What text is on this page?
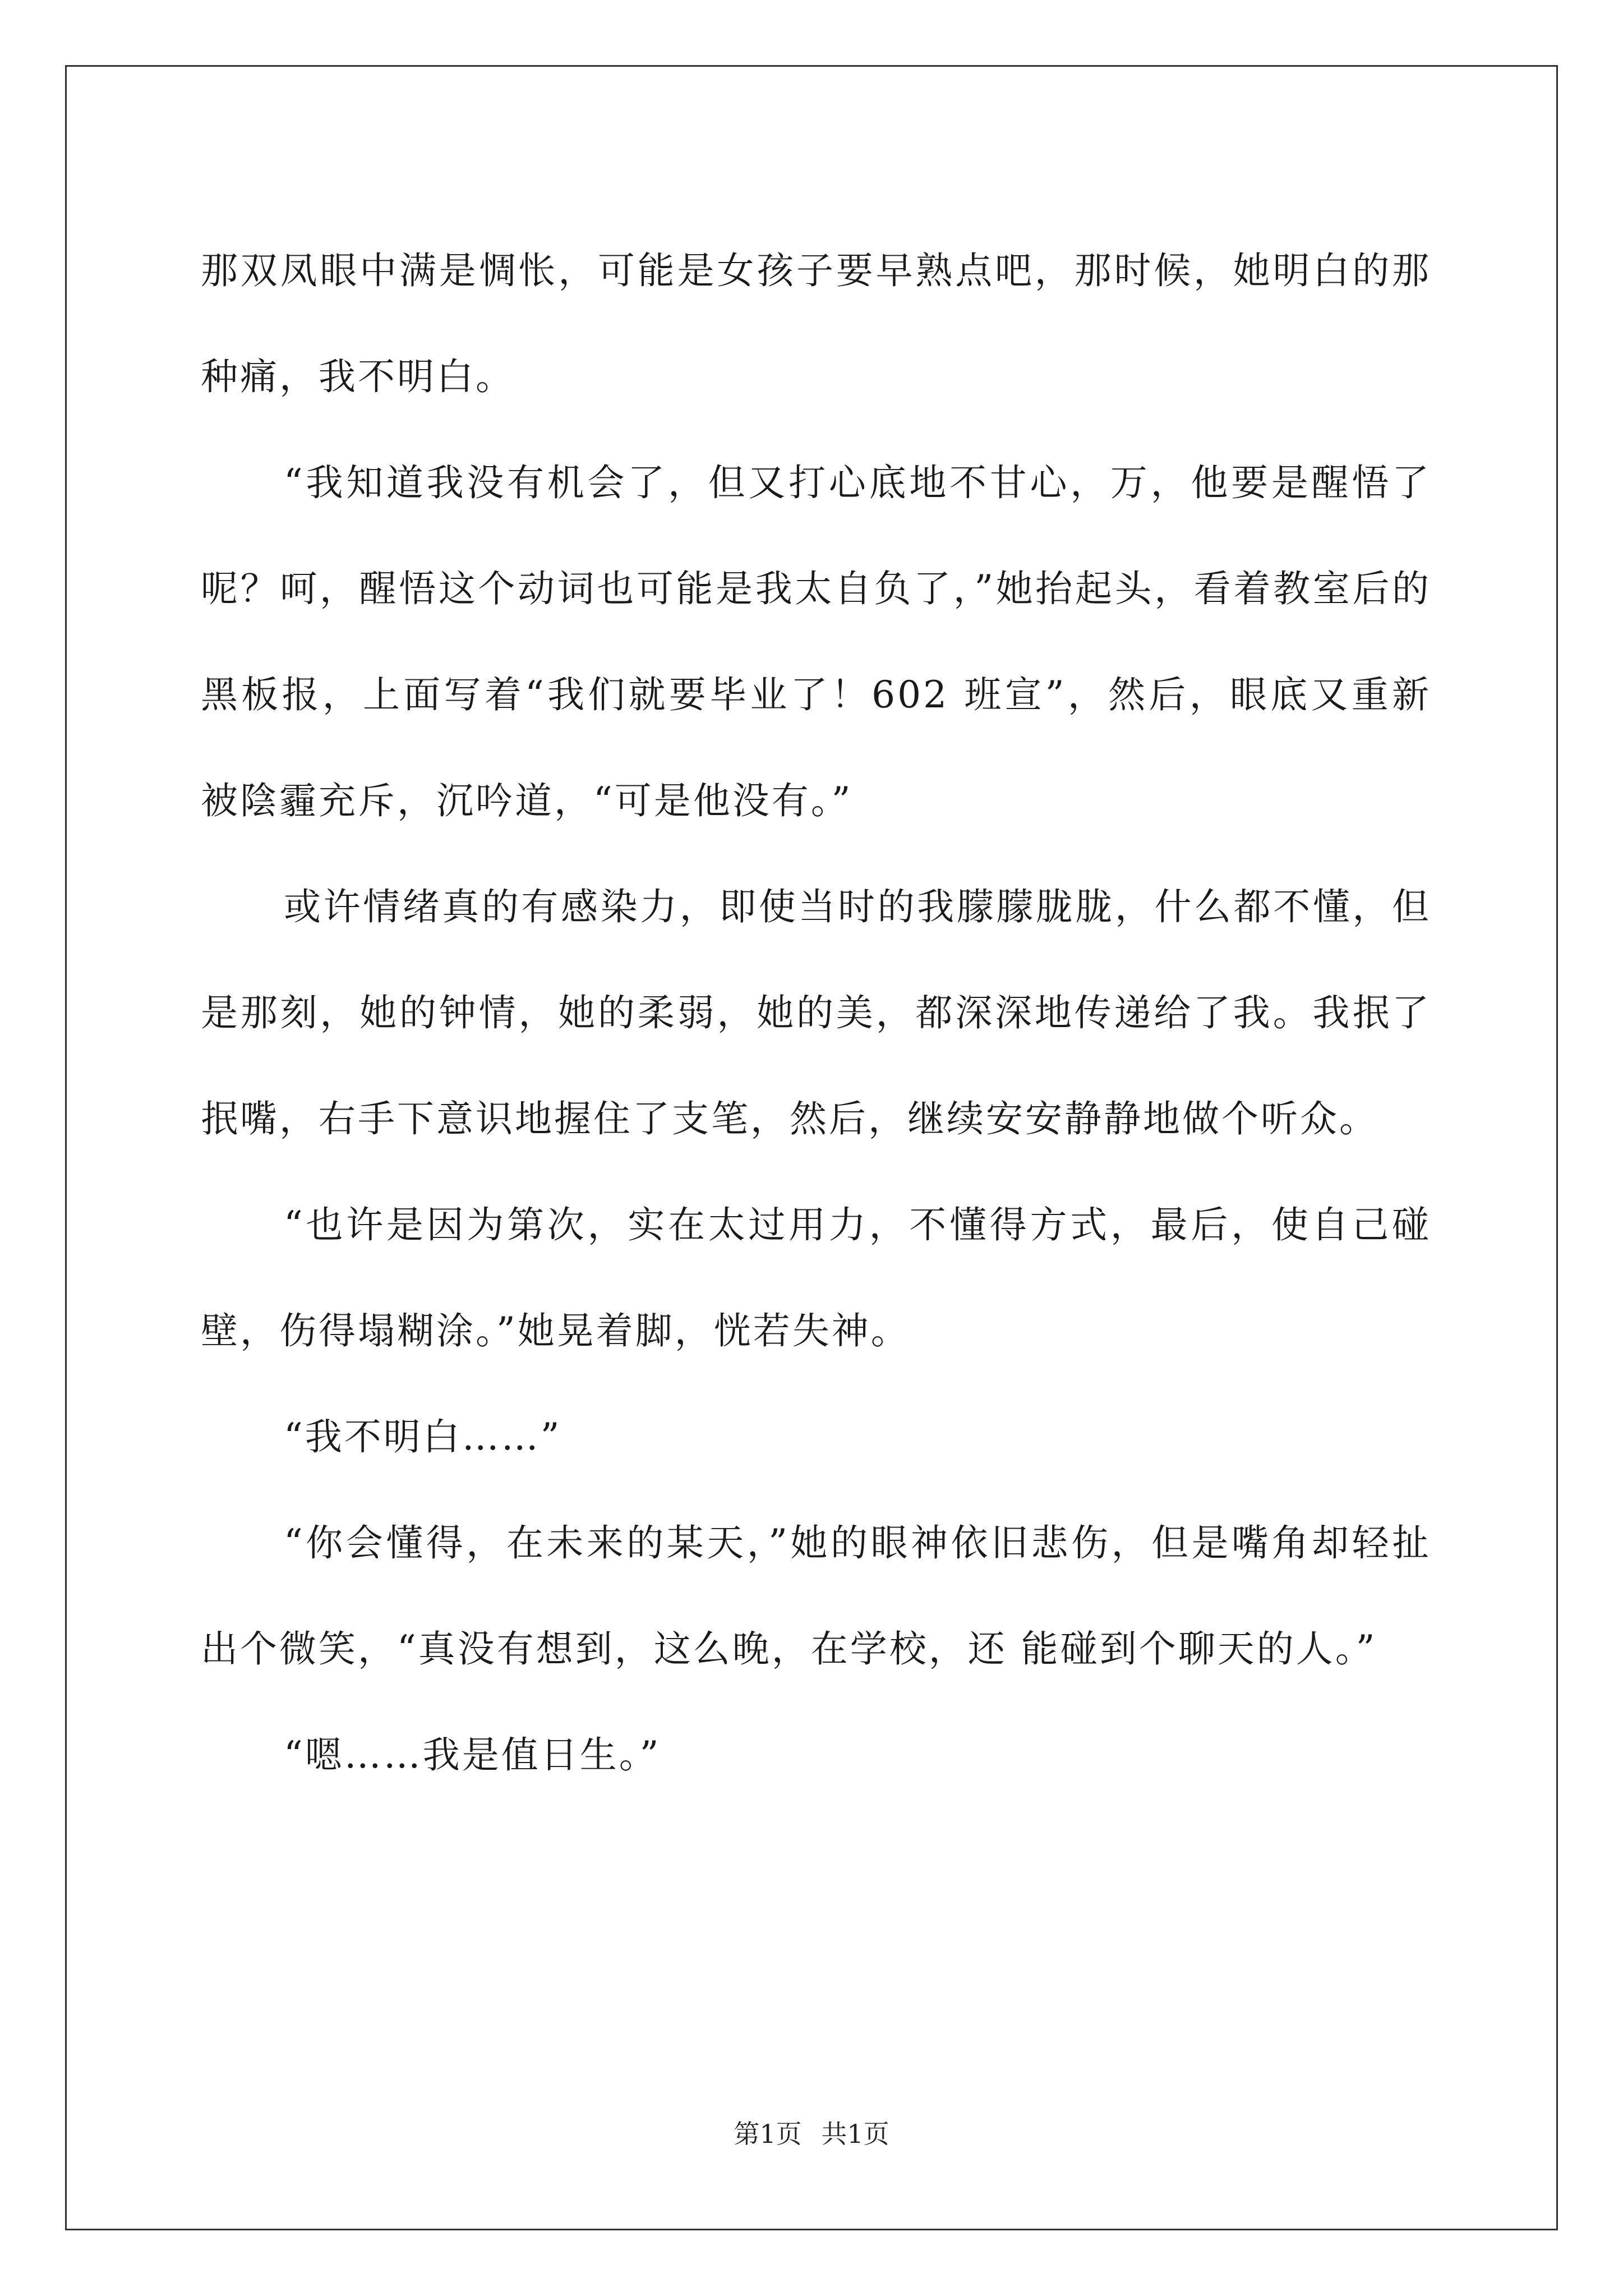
那双凤眼中满是惆怅，可能是女孩子要早熟点吧，那时候，她明白的那种痛，我不明白。

“我知道我没有机会了，但又打心底地不甘心，万，他要是醒悟了呢？呵，醒悟这个动词也可能是我太自负了，”她抬起头，看着教室后的黑板报，上面写着“我们就要毕业了！602 班宣”，然后，眼底又重新被陰霾充斥，沉吟道，“可是他没有。”

或许情绪真的有感染力，即使当时的我朦朦胧胧，什么都不懂，但是那刻，她的钟情，她的柔弱，她的美，都深深地传递给了我。我抿了抿嘴，右手下意识地握住了支笔，然后，继续安安静静地做个听众。

“也许是因为第次，实在太过用力，不懂得方式，最后，使自己碰壁，伤得塌糊涂。”她晃着脚，恍若失神。

“我不明白……”

“你会懂得，在未来的某天，”她的眼神依旧悲伤，但是嘴角却轻扯出个微笑，“真没有想到，这么晚，在学校，还 能碰到个聊天的人。”

“嗯……我是值日生。”

第1页 共1页
